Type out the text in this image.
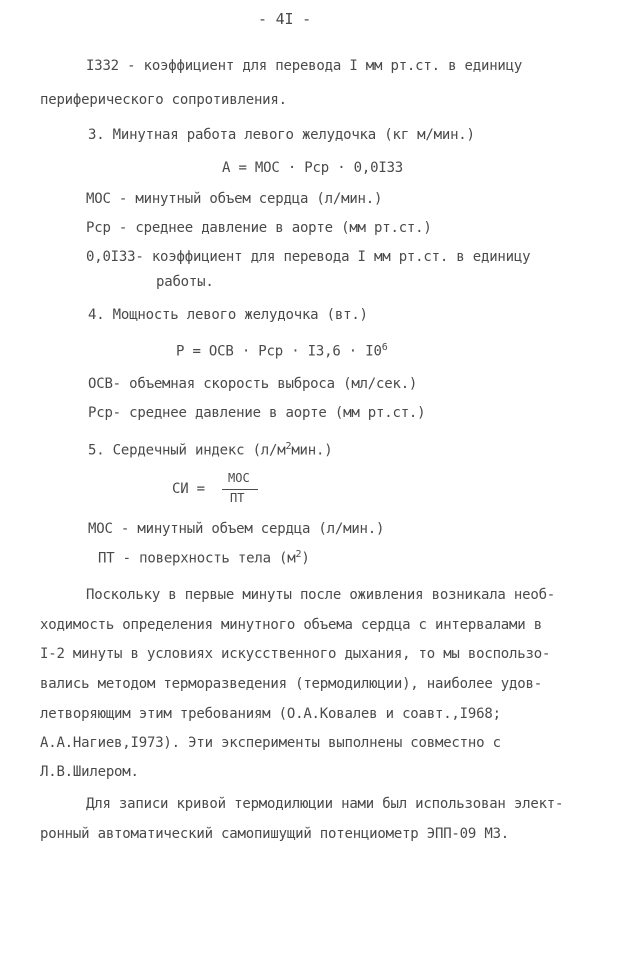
- 4I -
I332 - коэффициент для перевода I мм рт.ст. в единицу
периферического сопротивления.
3. Минутная работа левого желудочка (кг м/мин.)
A = МОС · Рср · 0,0I33
МОС - минутный объем сердца (л/мин.)
Рср - среднее давление в аорте (мм рт.ст.)
0,0I33- коэффициент для перевода I мм рт.ст. в единицу
работы.
4. Мощность левого желудочка (вт.)
P = ОСВ · Рср · $I3,6 \cdot I0^6$
ОСВ- объемная скорость выброса (мл/сек.)
Рср- среднее давление в аорте (мм рт.ст.)
5. Сердечный индекс $(л/м^2мин.)$
СИ =
МОС
ПТ
МОС - минутный объем сердца (л/мин.)
ПТ - поверхность тела $(м^2)$
Поскольку в первые минуты после оживления возникала необ-
ходимость определения минутного объема сердца с интервалами в
I-2 минуты в условиях искусственного дыхания, то мы воспользо-
вались методом терморазведения (термодилюции), наиболее удов-
летворяющим этим требованиям (О.А.Ковалев и соавт.,I968;
А.А.Нагиев,I973). Эти эксперименты выполнены совместно с
Л.В.Шилером.
Для записи кривой термодилюции нами был использован элект-
ронный автоматический самопишущий потенциометр ЭПП-09 М3.
